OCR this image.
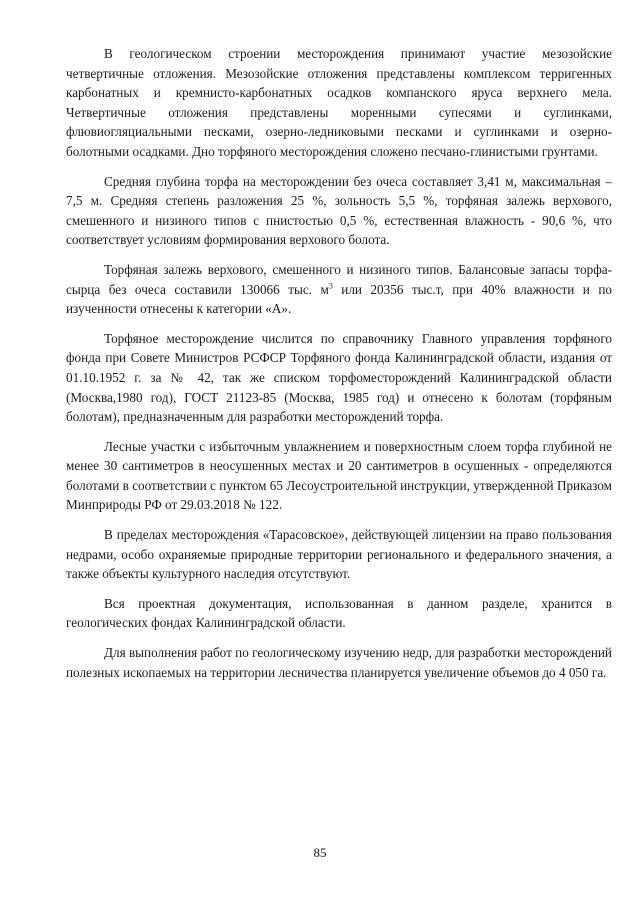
В геологическом строении месторождения принимают участие мезозойские четвертичные отложения. Мезозойские отложения представлены комплексом терригенных карбонатных и кремнисто-карбонатных осадков компанского яруса верхнего мела. Четвертичные отложения представлены моренными супесями и суглинками, флювиогляциальными песками, озерно-ледниковыми песками и суглинками и озерно-болотными осадками. Дно торфяного месторождения сложено песчано-глинистыми грунтами.

Средняя глубина торфа на месторождении без очеса составляет 3,41 м, максимальная – 7,5 м. Средняя степень разложения 25 %, зольность 5,5 %, торфяная залежь верхового, смешенного и низиного типов с пнистостью 0,5 %, естественная влажность - 90,6 %, что соответствует условиям формирования верхового болота.

Торфяная залежь верхового, смешенного и низиного типов. Балансовые запасы торфа-сырца без очеса составили 130066 тыс. $м^3$ или 20356 тыс.т, при 40% влажности и по изученности отнесены к категории «А».

Торфяное месторождение числится по справочнику Главного управления торфяного фонда при Совете Министров РСФСР Торфяного фонда Калининградской области, издания от 01.10.1952 г. за № 42, так же списком торфоместорождений Калининградской области (Москва,1980 год), ГОСТ 21123-85 (Москва, 1985 год) и отнесено к болотам (торфяным болотам), предназначенным для разработки месторождений торфа.

Лесные участки с избыточным увлажнением и поверхностным слоем торфа глубиной не менее 30 сантиметров в неосушенных местах и 20 сантиметров в осушенных - определяются болотами в соответствии с пунктом 65 Лесоустроительной инструкции, утвержденной Приказом Минприроды РФ от 29.03.2018 № 122.

В пределах месторождения «Тарасовское», действующей лицензии на право пользования недрами, особо охраняемые природные территории регионального и федерального значения, а также объекты культурного наследия отсутствуют.

Вся проектная документация, использованная в данном разделе, хранится в геологических фондах Калининградской области.

Для выполнения работ по геологическому изучению недр, для разработки месторождений полезных ископаемых на территории лесничества планируется увеличение объемов до 4 050 га.

85
